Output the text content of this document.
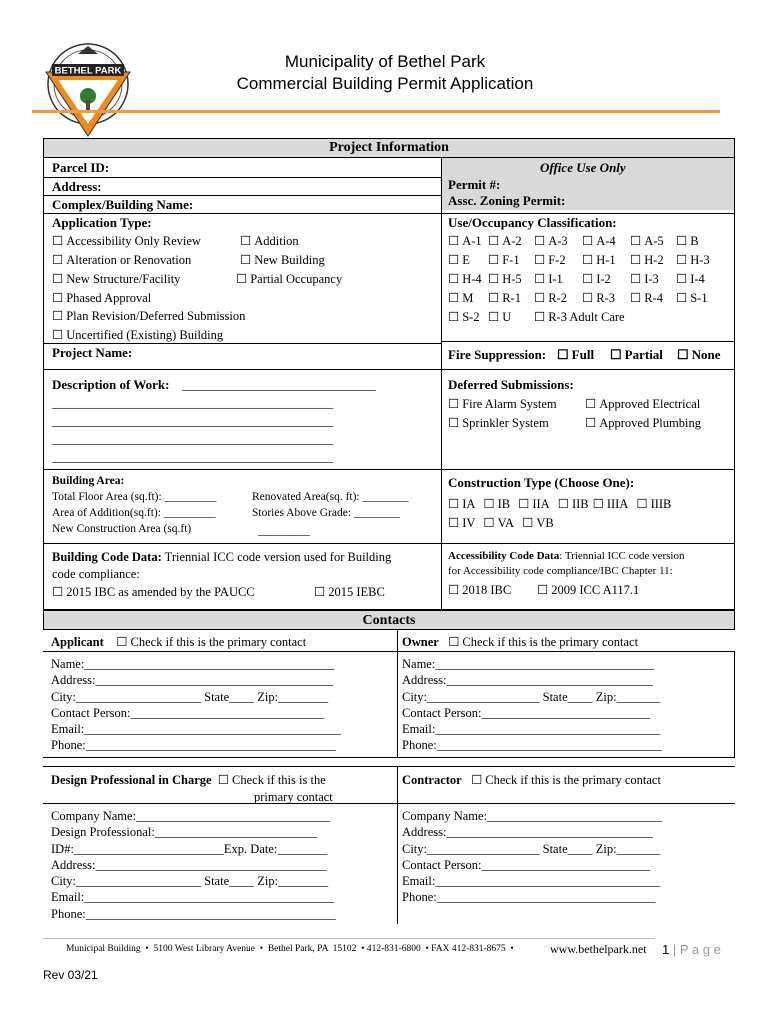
BETHEL PARK	Municipality of Bethel Park
Commercial Building Permit Application
Project Information
Parcel ID:
Address:
Complex/Building Name:
Application Type:
☐ Accessibility Only Review	☐ Addition
☐ Alteration or Renovation	☐ New Building
☐ New Structure/Facility	☐ Partial Occupancy
☐ Phased Approval
☐ Plan Revision/Deferred Submission
☐ Uncertified (Existing) Building
Project Name:
Office Use Only
Permit #:
Assc. Zoning Permit:
Use/Occupancy Classification:
☐ A-1	☐ A-2	☐ A-3	☐ A-4	☐ A-5	☐ B
☐ E	☐ F-1	☐ F-2	☐ H-1	☐ H-2	☐ H-3
☐ H-4	☐ H-5	☐ I-1	☐ I-2	☐ I-3	☐ I-4
☐ M	☐ R-1	☐ R-2	☐ R-3	☐ R-4	☐ S-1
☐ S-2	☐ U	☐ R-3 Adult Care
Fire Suppression:	☐ Full	☐ Partial	☐ None
Description of Work: _______________________________
_____________________________________________
_____________________________________________
_____________________________________________
_____________________________________________
Deferred Submissions:
☐ Fire Alarm System	☐ Approved Electrical
☐ Sprinkler System	☐ Approved Plumbing
Building Area:
Total Floor Area (sq.ft): _________	Renovated Area(sq. ft): ________
Area of Addition(sq.ft): _________	Stories Above Grade: ________
New Construction Area (sq.ft)	_________
Construction Type (Choose One):
☐ IA ☐ IB ☐ IIA ☐ IIB ☐ IIIA ☐ IIIB
☐ IV ☐ VA ☐ VB
Building Code Data: Triennial ICC code version used for Building
code compliance:
☐ 2015 IBC as amended by the PAUCC	☐ 2015 IEBC
Accessibility Code Data: Triennial ICC code version
for Accessibility code compliance/IBC Chapter 11:
☐ 2018 IBC	☐ 2009 ICC A117.1
Contacts
Applicant ☐ Check if this is the primary contact	Owner ☐ Check if this is the primary contact
Name:________________________________________
Address:______________________________________
City:____________________ State____ Zip:________
Contact Person:_______________________________
Email:_________________________________________
Phone:________________________________________
Name:___________________________________
Address:_________________________________
City:__________________ State____ Zip:_______
Contact Person:___________________________
Email:____________________________________
Phone:____________________________________
Design Professional in Charge ☐ Check if this is the
primary contact
Contractor ☐ Check if this is the primary contact
Company Name:_______________________________
Design Professional:__________________________
ID#:________________________Exp. Date:________
Address:_____________________________________
City:____________________ State____ Zip:________
Email:________________________________________
Phone:________________________________________
Company Name:____________________________
Address:_________________________________
City:__________________ State____ Zip:_______
Contact Person:___________________________
Email:____________________________________
Phone:___________________________________
Municipal Building  •  5100 West Library Avenue  •  Bethel Park, PA  15102  • 412-831-6800  • FAX 412-831-8675  •	www.bethelpark.net 1 | P a g e
Rev 03/21
